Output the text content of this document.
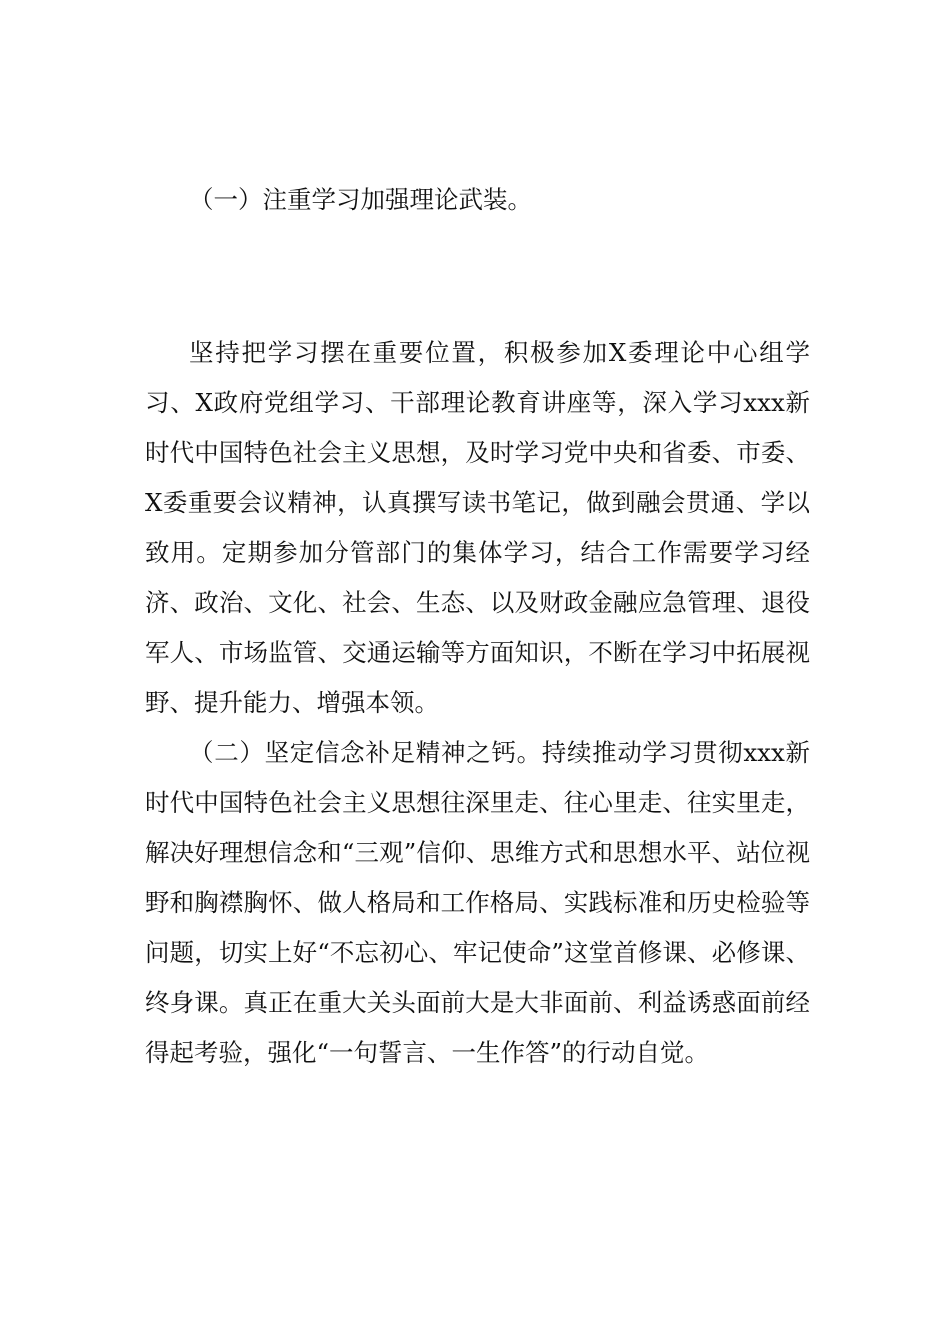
（一）注重学习加强理论武装。

坚持把学习摆在重要位置，积极参加X委理论中心组学习、X政府党组学习、干部理论教育讲座等，深入学习xxx新时代中国特色社会主义思想，及时学习党中央和省委、市委、X委重要会议精神，认真撰写读书笔记，做到融会贯通、学以致用。定期参加分管部门的集体学习，结合工作需要学习经济、政治、文化、社会、生态、以及财政金融应急管理、退役军人、市场监管、交通运输等方面知识，不断在学习中拓展视野、提升能力、增强本领。

（二）坚定信念补足精神之钙。持续推动学习贯彻xxx新时代中国特色社会主义思想往深里走、往心里走、往实里走，解决好理想信念和“三观”信仰、思维方式和思想水平、站位视野和胸襟胸怀、做人格局和工作格局、实践标准和历史检验等问题，切实上好“不忘初心、牢记使命”这堂首修课、必修课、终身课。真正在重大关头面前大是大非面前、利益诱惑面前经得起考验，强化“一句誓言、一生作答”的行动自觉。
